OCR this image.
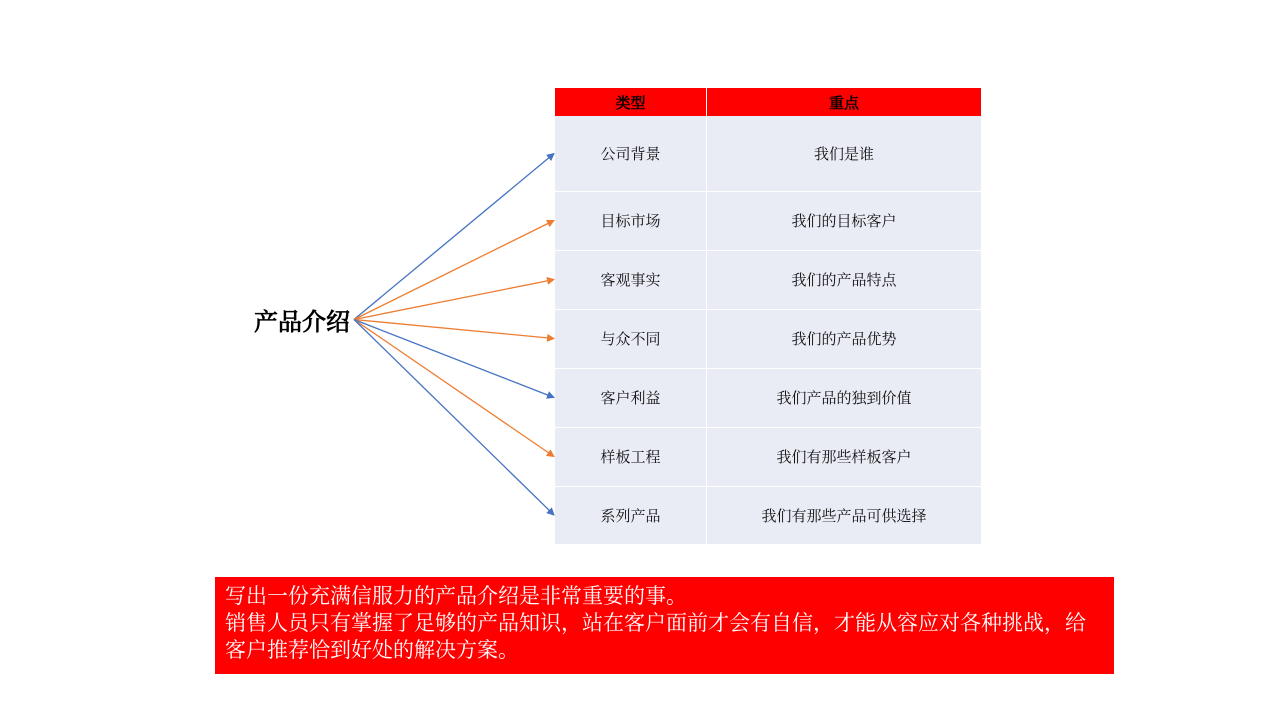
产品介绍
类型	重点
公司背景	我们是谁
目标市场	我们的目标客户
客观事实	我们的产品特点
与众不同	我们的产品优势
客户利益	我们产品的独到价值
样板工程	我们有那些样板客户
系列产品	我们有那些产品可供选择
写出一份充满信服力的产品介绍是非常重要的事。
销售人员只有掌握了足够的产品知识，站在客户面前才会有自信，才能从容应对各种挑战，给客户推荐恰到好处的解决方案。
